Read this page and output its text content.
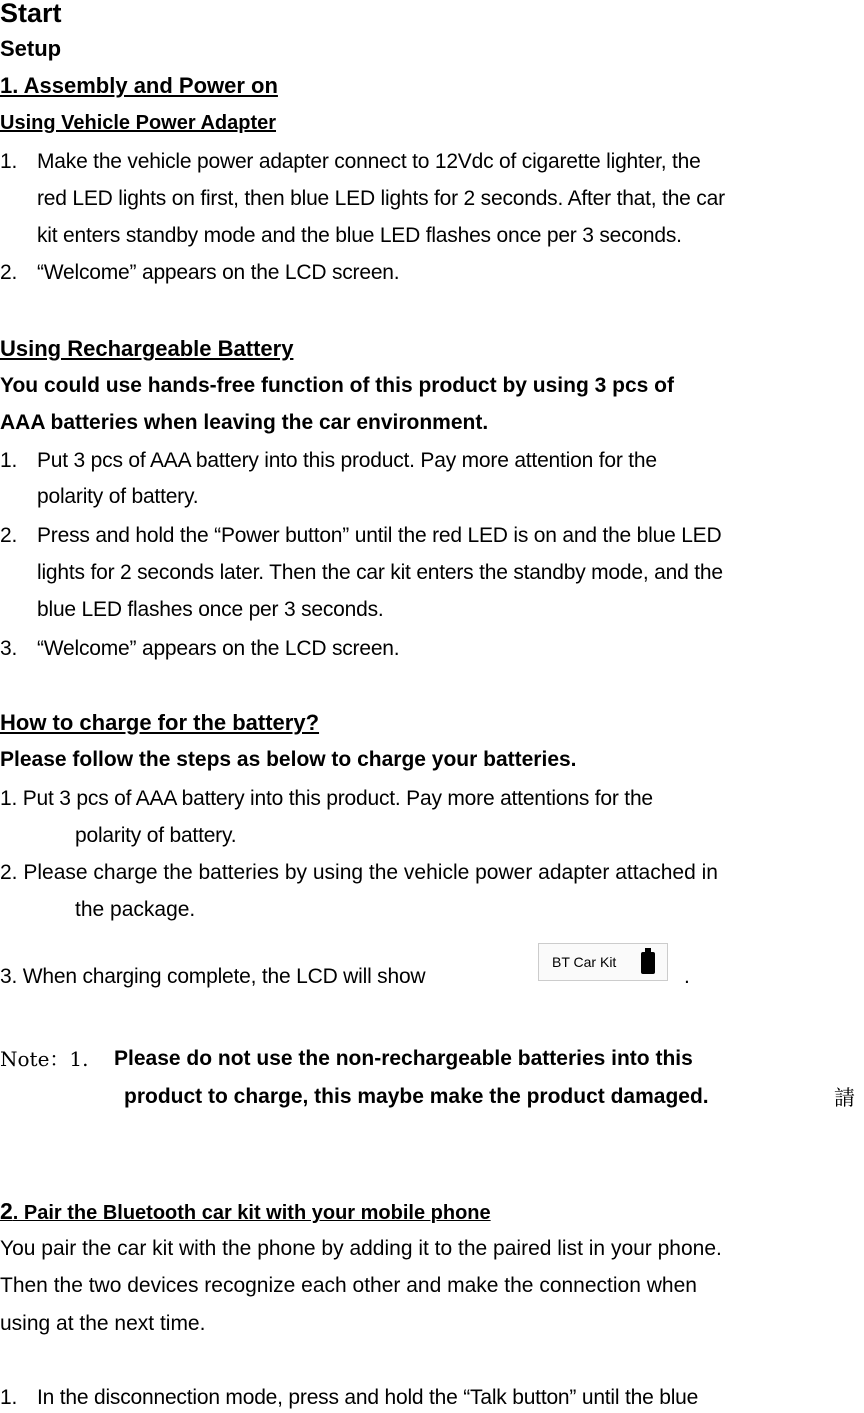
Start
Setup
1. Assembly and Power on
Using Vehicle Power Adapter
1. Make the vehicle power adapter connect to 12Vdc of cigarette lighter, the
red LED lights on first, then blue LED lights for 2 seconds. After that, the car
kit enters standby mode and the blue LED flashes once per 3 seconds.
2. “Welcome” appears on the LCD screen.
Using Rechargeable Battery
You could use hands-free function of this product by using 3 pcs of
AAA batteries when leaving the car environment.
1. Put 3 pcs of AAA battery into this product. Pay more attention for the
polarity of battery.
2. Press and hold the “Power button” until the red LED is on and the blue LED
lights for 2 seconds later. Then the car kit enters the standby mode, and the
blue LED flashes once per 3 seconds.
3. “Welcome” appears on the LCD screen.
How to charge for the battery?
Please follow the steps as below to charge your batteries.
1. Put 3 pcs of AAA battery into this product. Pay more attentions for the
polarity of battery.
2. Please charge the batteries by using the vehicle power adapter attached in
the package.
3. When charging complete, the LCD will show
BT Car Kit
.
Note：1. Please do not use the non-rechargeable batteries into this
product to charge, this maybe make the product damaged.	請
2. Pair the Bluetooth car kit with your mobile phone
You pair the car kit with the phone by adding it to the paired list in your phone.
Then the two devices recognize each other and make the connection when
using at the next time.
1. In the disconnection mode, press and hold the “Talk button” until the blue
